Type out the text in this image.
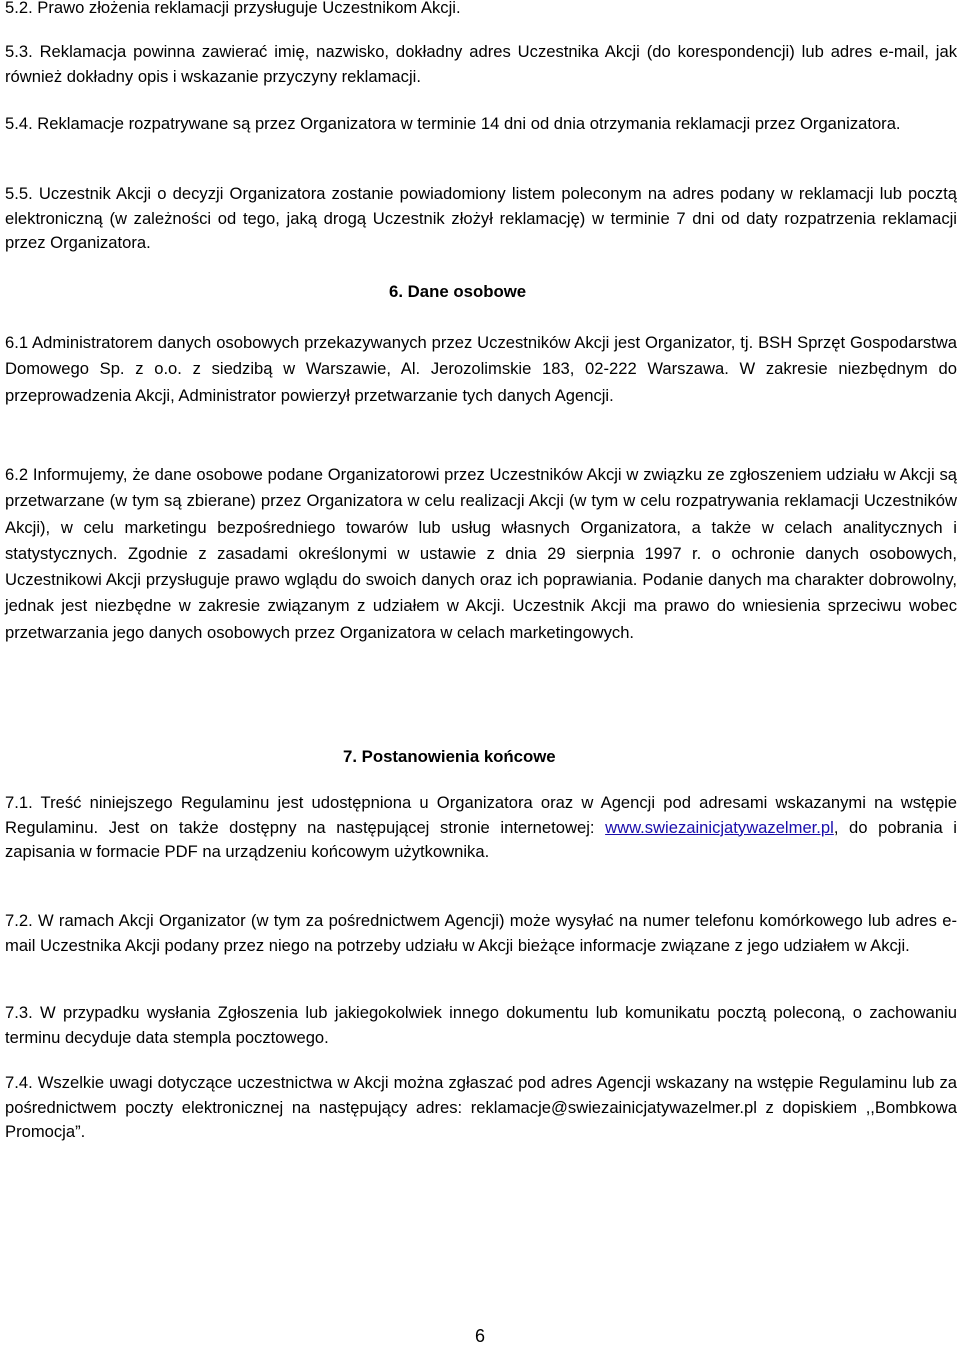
5.2. Prawo złożenia reklamacji przysługuje Uczestnikom Akcji.

5.3. Reklamacja powinna zawierać imię, nazwisko, dokładny adres Uczestnika Akcji (do korespondencji) lub adres e-mail, jak również dokładny opis i wskazanie przyczyny reklamacji.

5.4. Reklamacje rozpatrywane są przez Organizatora w terminie 14 dni od dnia otrzymania reklamacji przez Organizatora.

5.5. Uczestnik Akcji o decyzji Organizatora zostanie powiadomiony listem poleconym na adres podany w reklamacji lub pocztą elektroniczną (w zależności od tego, jaką drogą Uczestnik złożył reklamację) w terminie 7 dni od daty rozpatrzenia reklamacji przez Organizatora.

6. Dane osobowe

6.1 Administratorem danych osobowych przekazywanych przez Uczestników Akcji jest Organizator, tj. BSH Sprzęt Gospodarstwa Domowego Sp. z o.o. z siedzibą w Warszawie, Al. Jerozolimskie 183, 02-222 Warszawa. W zakresie niezbędnym do przeprowadzenia Akcji, Administrator powierzył przetwarzanie tych danych Agencji.

6.2 Informujemy, że dane osobowe podane Organizatorowi przez Uczestników Akcji w związku ze zgłoszeniem udziału w Akcji są przetwarzane (w tym są zbierane) przez Organizatora w celu realizacji Akcji (w tym w celu rozpatrywania reklamacji Uczestników Akcji), w celu marketingu bezpośredniego towarów lub usług własnych Organizatora, a także w celach analitycznych i statystycznych. Zgodnie z zasadami określonymi w ustawie z dnia 29 sierpnia 1997 r. o ochronie danych osobowych, Uczestnikowi Akcji przysługuje prawo wglądu do swoich danych oraz ich poprawiania. Podanie danych ma charakter dobrowolny, jednak jest niezbędne w zakresie związanym z udziałem w Akcji. Uczestnik Akcji ma prawo do wniesienia sprzeciwu wobec przetwarzania jego danych osobowych przez Organizatora w celach marketingowych.

7. Postanowienia końcowe

7.1. Treść niniejszego Regulaminu jest udostępniona u Organizatora oraz w Agencji pod adresami wskazanymi na wstępie Regulaminu. Jest on także dostępny na następującej stronie internetowej: www.swiezainicjatywazelmer.pl, do pobrania i zapisania w formacie PDF na urządzeniu końcowym użytkownika.

7.2. W ramach Akcji Organizator (w tym za pośrednictwem Agencji) może wysyłać na numer telefonu komórkowego lub adres e-mail Uczestnika Akcji podany przez niego na potrzeby udziału w Akcji bieżące informacje związane z jego udziałem w Akcji.

7.3. W przypadku wysłania Zgłoszenia lub jakiegokolwiek innego dokumentu lub komunikatu pocztą poleconą, o zachowaniu terminu decyduje data stempla pocztowego.

7.4. Wszelkie uwagi dotyczące uczestnictwa w Akcji można zgłaszać pod adres Agencji wskazany na wstępie Regulaminu lub za pośrednictwem poczty elektronicznej na następujący adres: reklamacje@swiezainicjatywazelmer.pl z dopiskiem ,,Bombkowa Promocja”.

6
